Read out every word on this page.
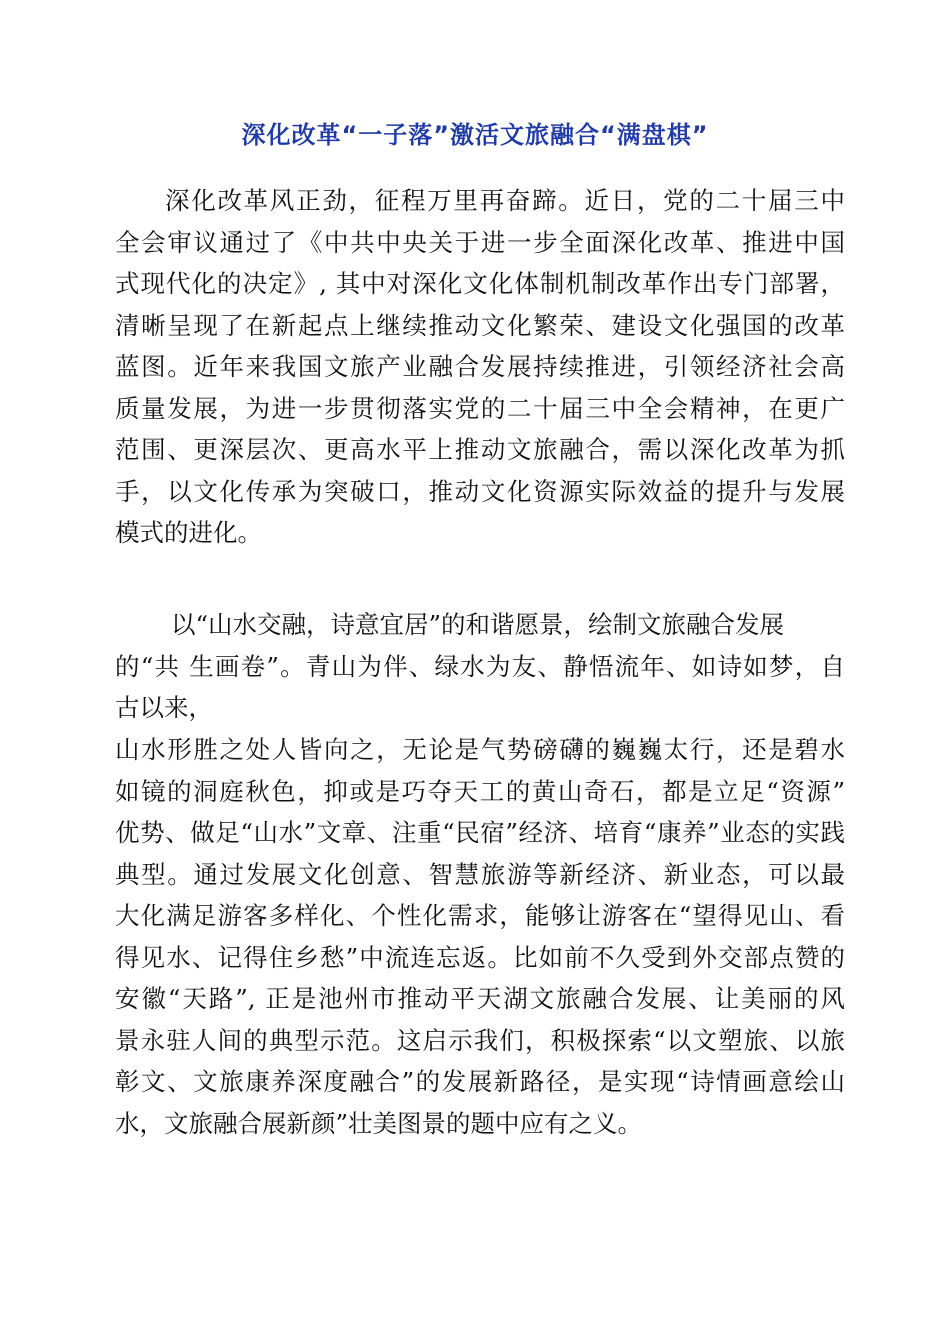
深化改革“一子落”激活文旅融合“满盘棋”
深化改革风正劲，征程万里再奋蹄。近日，党的二十届三中
全会审议通过了《中共中央关于进一步全面深化改革、推进中国
式现代化的决定》, 其中对深化文化体制机制改革作出专门部署，
清晰呈现了在新起点上继续推动文化繁荣、建设文化强国的改革
蓝图。近年来我国文旅产业融合发展持续推进，引领经济社会高
质量发展，为进一步贯彻落实党的二十届三中全会精神，在更广
范围、更深层次、更高水平上推动文旅融合，需以深化改革为抓
手，以文化传承为突破口，推动文化资源实际效益的提升与发展
模式的进化。
以“山水交融，诗意宜居”的和谐愿景，绘制文旅融合发展
的“共 生画卷”。青山为伴、绿水为友、静悟流年、如诗如梦，自
古以来，
山水形胜之处人皆向之，无论是气势磅礴的巍巍太行，还是碧水
如镜的洞庭秋色，抑或是巧夺天工的黄山奇石，都是立足“资源”
优势、做足“山水”文章、注重“民宿”经济、培育“康养”业态的实践
典型。通过发展文化创意、智慧旅游等新经济、新业态，可以最
大化满足游客多样化、个性化需求，能够让游客在“望得见山、看
得见水、记得住乡愁”中流连忘返。比如前不久受到外交部点赞的
安徽“天路”, 正是池州市推动平天湖文旅融合发展、让美丽的风
景永驻人间的典型示范。这启示我们，积极探索“以文塑旅、以旅
彰文、文旅康养深度融合”的发展新路径，是实现“诗情画意绘山
水，文旅融合展新颜”壮美图景的题中应有之义。
